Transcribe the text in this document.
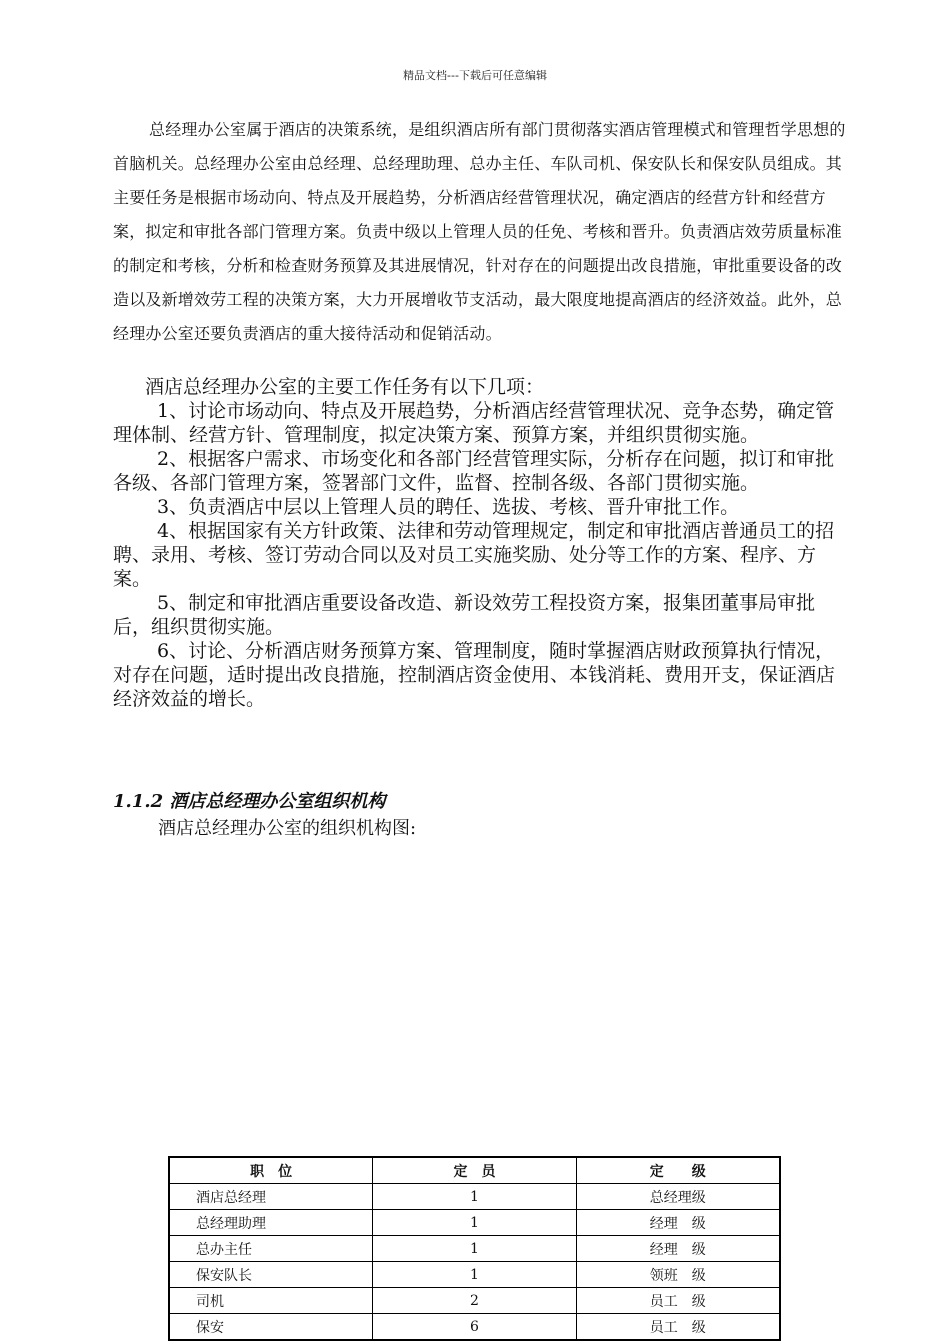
精品文档---下载后可任意编辑

总经理办公室属于酒店的决策系统，是组织酒店所有部门贯彻落实酒店管理模式和管理哲学思想的首脑机关。总经理办公室由总经理、总经理助理、总办主任、车队司机、保安队长和保安队员组成。其主要任务是根据市场动向、特点及开展趋势，分析酒店经营管理状况，确定酒店的经营方针和经营方案，拟定和审批各部门管理方案。负责中级以上管理人员的任免、考核和晋升。负责酒店效劳质量标准的制定和考核，分析和检查财务预算及其进展情况，针对存在的问题提出改良措施，审批重要设备的改造以及新增效劳工程的决策方案，大力开展增收节支活动，最大限度地提高酒店的经济效益。此外，总经理办公室还要负责酒店的重大接待活动和促销活动。

酒店总经理办公室的主要工作任务有以下几项：

1、讨论市场动向、特点及开展趋势，分析酒店经营管理状况、竞争态势，确定管理体制、经营方针、管理制度，拟定决策方案、预算方案，并组织贯彻实施。

2、根据客户需求、市场变化和各部门经营管理实际，分析存在问题，拟订和审批各级、各部门管理方案，签署部门文件，监督、控制各级、各部门贯彻实施。

3、负责酒店中层以上管理人员的聘任、选拔、考核、晋升审批工作。

4、根据国家有关方针政策、法律和劳动管理规定，制定和审批酒店普通员工的招聘、录用、考核、签订劳动合同以及对员工实施奖励、处分等工作的方案、程序、方案。

5、制定和审批酒店重要设备改造、新设效劳工程投资方案，报集团董事局审批后，组织贯彻实施。

6、讨论、分析酒店财务预算方案、管理制度，随时掌握酒店财政预算执行情况，对存在问题，适时提出改良措施，控制酒店资金使用、本钱消耗、费用开支，保证酒店经济效益的增长。

1.1.2 酒店总经理办公室组织机构
酒店总经理办公室的组织机构图:
职　位	定　员	定　　级
酒店总经理	1	总经理级
总经理助理	1	经理　级
总办主任	1	经理　级
保安队长	1	领班　级
司机	2	员工　级
保安	6	员工　级
